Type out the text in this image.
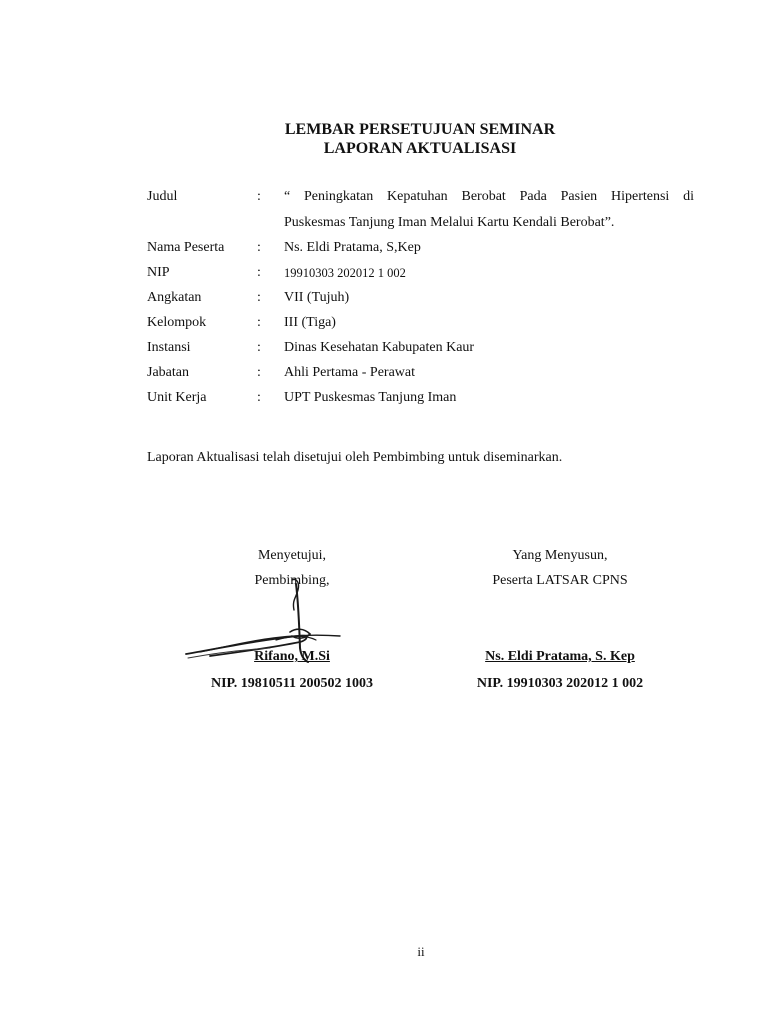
LEMBAR PERSETUJUAN SEMINAR
LAPORAN AKTUALISASI
Judul	: “ Peningkatan Kepatuhan Berobat Pada Pasien Hipertensi di
Puskesmas Tanjung Iman Melalui Kartu Kendali Berobat”.
Nama Peserta : Ns. Eldi Pratama, S,Kep
NIP	: 19910303 202012 1 002
Angkatan	: VII (Tujuh)
Kelompok	: III (Tiga)
Instansi	: Dinas Kesehatan Kabupaten Kaur
Jabatan	: Ahli Pertama - Perawat
Unit Kerja	: UPT Puskesmas Tanjung Iman
Laporan Aktualisasi telah disetujui oleh Pembimbing untuk diseminarkan.
Menyetujui,
Pembimbing,
Rifano, M.Si
NIP. 19810511 200502 1003
Yang Menyusun,
Peserta LATSAR CPNS
Ns. Eldi Pratama, S. Kep
NIP. 19910303 202012 1 002
ii
